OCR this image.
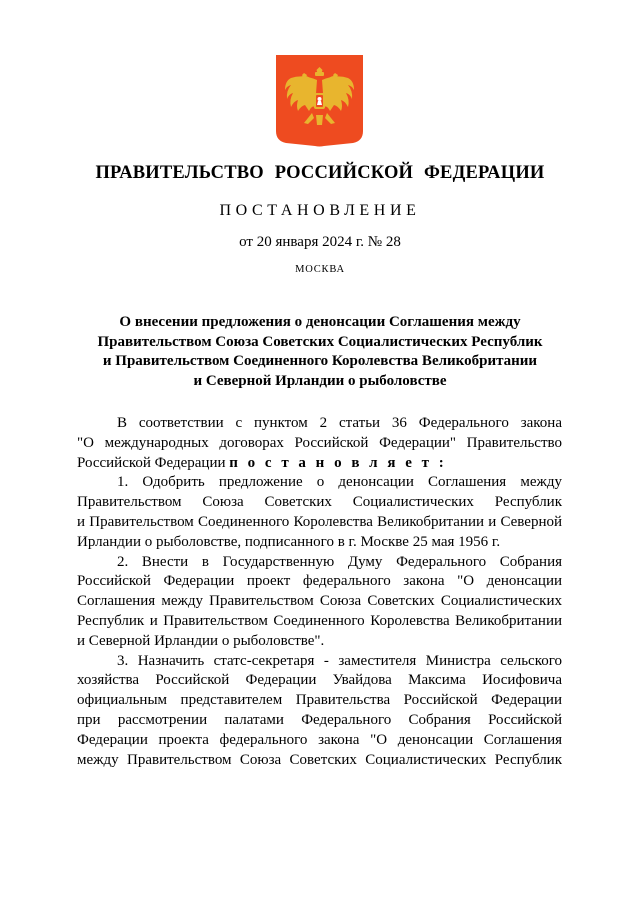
ПРАВИТЕЛЬСТВО РОССИЙСКОЙ ФЕДЕРАЦИИ
ПОСТАНОВЛЕНИЕ
от 20 января 2024 г. № 28
МОСКВА
О внесении предложения о денонсации Соглашения между
Правительством Союза Советских Социалистических Республик
и Правительством Соединенного Королевства Великобритании
и Северной Ирландии о рыболовстве
В соответствии с пунктом 2 статьи 36 Федерального закона
"О международных договорах Российской Федерации" Правительство
Российской Федерации п о с т а н о в л я е т :
1. Одобрить предложение о денонсации Соглашения между
Правительством Союза Советских Социалистических Республик
и Правительством Соединенного Королевства Великобритании и Северной
Ирландии о рыболовстве, подписанного в г. Москве 25 мая 1956 г.
2. Внести в Государственную Думу Федерального Собрания
Российской Федерации проект федерального закона "О денонсации
Соглашения между Правительством Союза Советских Социалистических
Республик и Правительством Соединенного Королевства Великобритании
и Северной Ирландии о рыболовстве".
3. Назначить статс-секретаря - заместителя Министра сельского
хозяйства Российской Федерации Увайдова Максима Иосифовича
официальным представителем Правительства Российской Федерации
при рассмотрении палатами Федерального Собрания Российской
Федерации проекта федерального закона "О денонсации Соглашения
между Правительством Союза Советских Социалистических Республик
